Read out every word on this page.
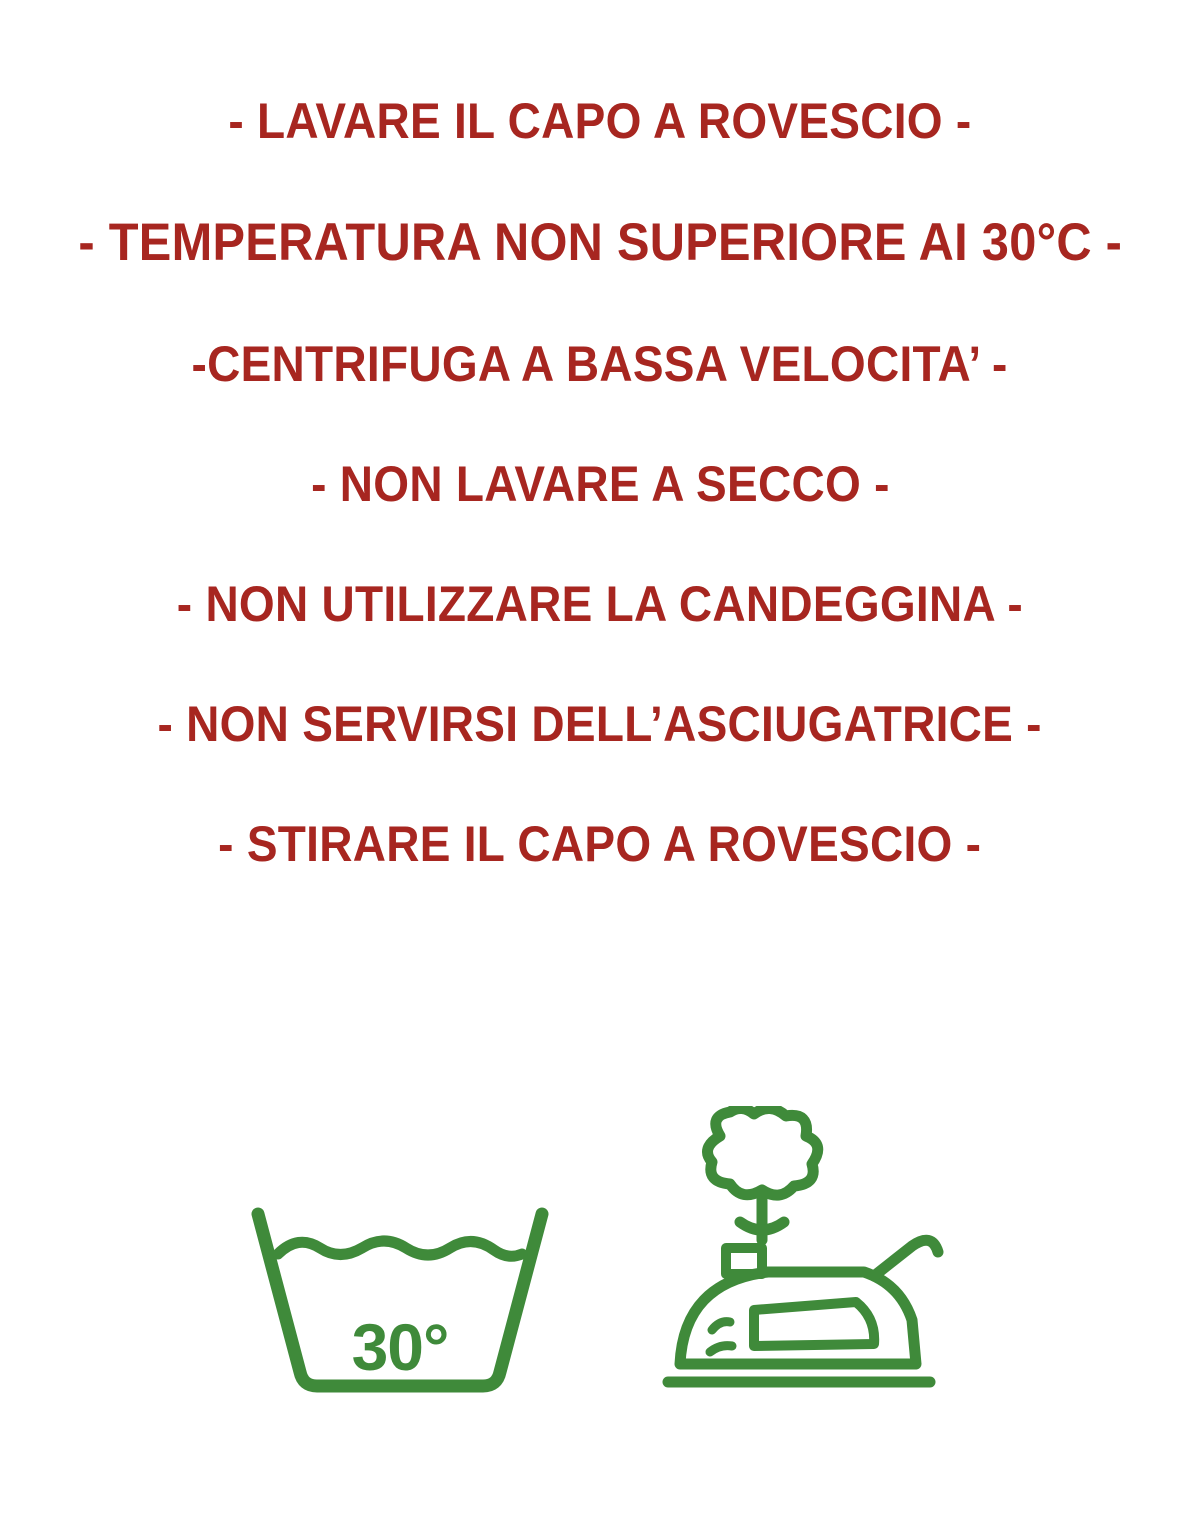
- LAVARE IL CAPO A ROVESCIO -

- TEMPERATURA NON SUPERIORE AI 30°C -

-CENTRIFUGA A BASSA VELOCITA’ -

- NON LAVARE A SECCO -

- NON UTILIZZARE LA CANDEGGINA -

- NON SERVIRSI DELL’ASCIUGATRICE -

- STIRARE IL CAPO A ROVESCIO -

30°
